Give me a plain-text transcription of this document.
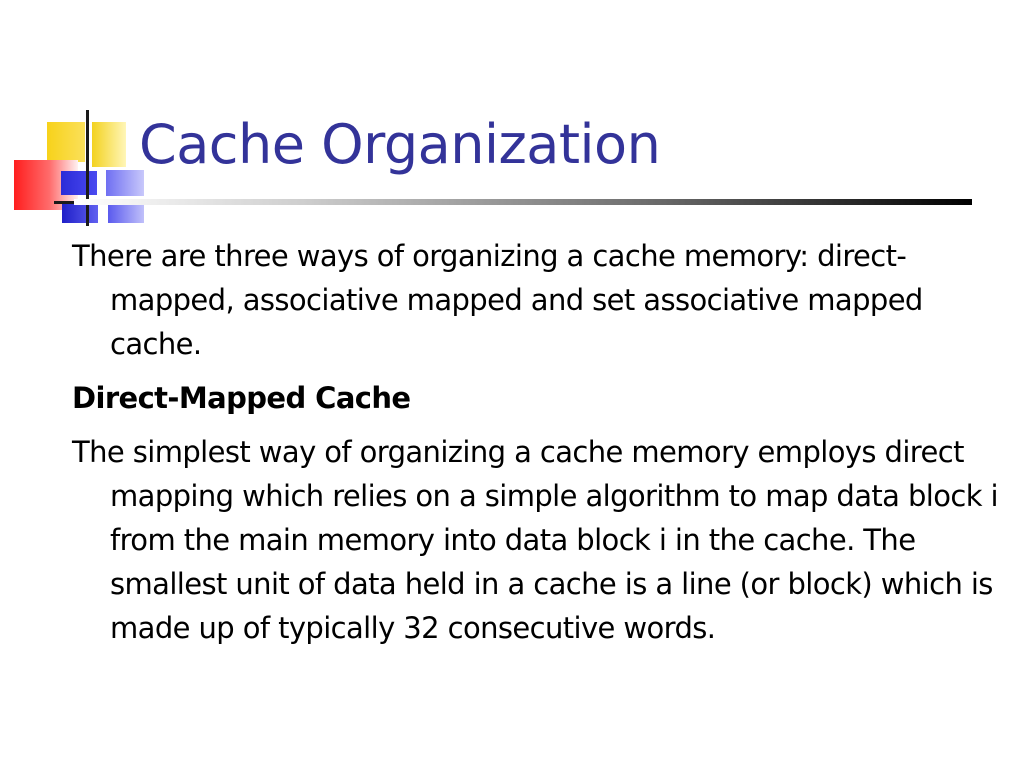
Cache Organization

There are three ways of organizing a cache memory: direct-mapped, associative mapped and set associative mapped cache.

Direct-Mapped Cache

The simplest way of organizing a cache memory employs direct mapping which relies on a simple algorithm to map data block i from the main memory into data block i in the cache. The smallest unit of data held in a cache is a line (or block) which is made up of typically 32 consecutive words.
